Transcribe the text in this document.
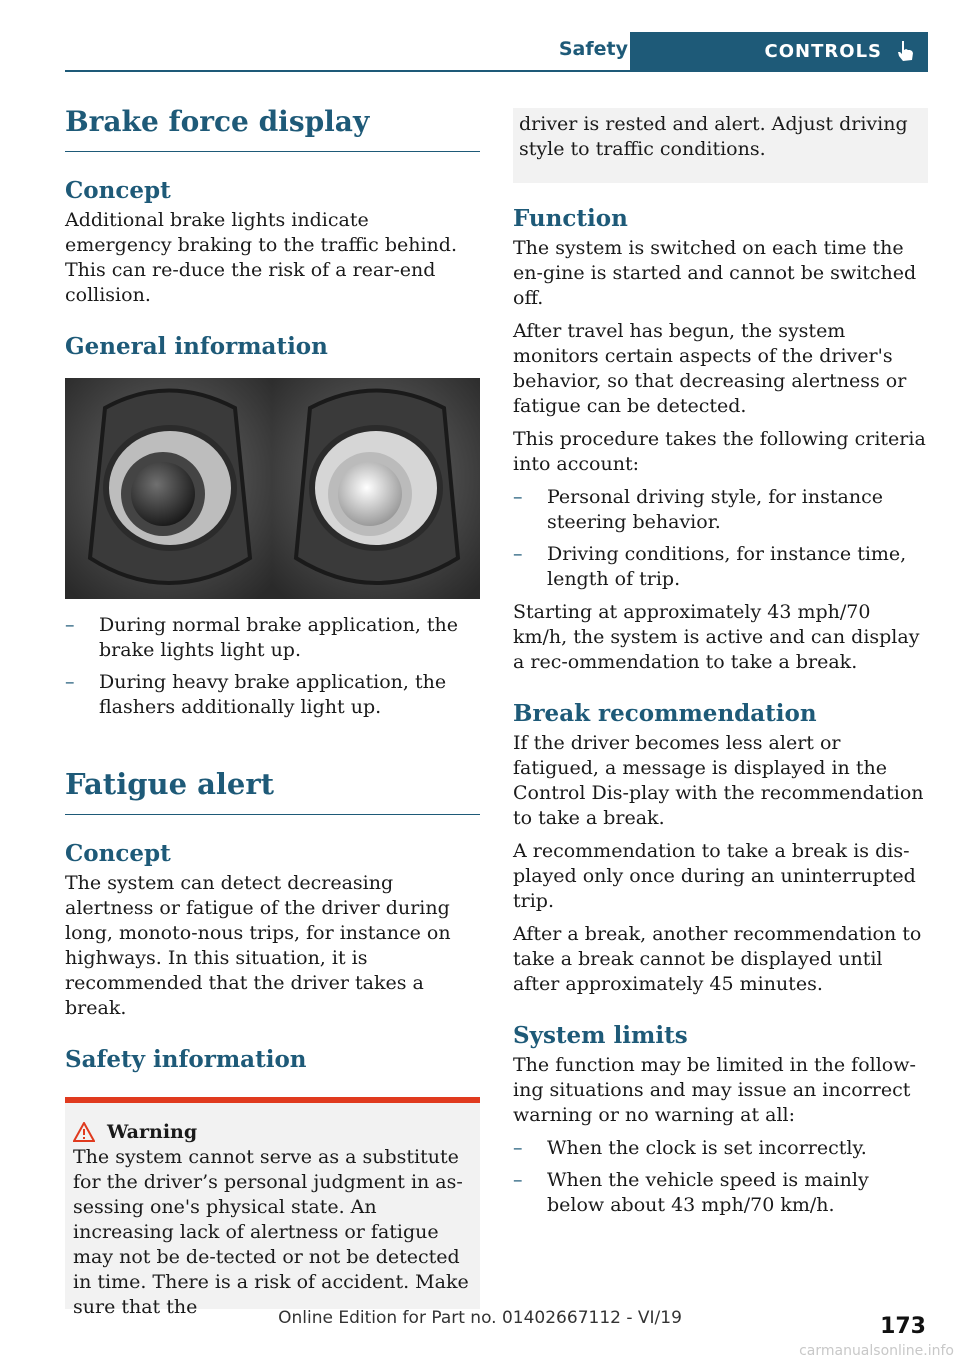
Safety	CONTROLS
Brake force display
Concept

Additional brake lights indicate emergency braking to the traffic behind. This can re-duce the risk of a rear-end collision.

General information
– During normal brake application, the brake lights light up.
– During heavy brake application, the flashers additionally light up.
Fatigue alert
Concept

The system can detect decreasing alertness or fatigue of the driver during long, monoto-nous trips, for instance on highways. In this situation, it is recommended that the driver takes a break.

Safety information
Warning

The system cannot serve as a substitute for the driver’s personal judgment in as-sessing one's physical state. An increasing lack of alertness or fatigue may not be de-tected or not be detected in time. There is a risk of accident. Make sure that the

driver is rested and alert. Adjust driving style to traffic conditions.

Function

The system is switched on each time the en-gine is started and cannot be switched off.

After travel has begun, the system monitors certain aspects of the driver's behavior, so that decreasing alertness or fatigue can be detected.

This procedure takes the following criteria into account:

– Personal driving style, for instance steering behavior.
– Driving conditions, for instance time, length of trip.

Starting at approximately 43 mph/70 km/h, the system is active and can display a rec-ommendation to take a break.

Break recommendation

If the driver becomes less alert or fatigued, a message is displayed in the Control Dis-play with the recommendation to take a break.

A recommendation to take a break is dis-played only once during an uninterrupted trip.

After a break, another recommendation to take a break cannot be displayed until after approximately 45 minutes.

System limits

The function may be limited in the follow-ing situations and may issue an incorrect warning or no warning at all:

– When the clock is set incorrectly.
– When the vehicle speed is mainly below about 43 mph/70 km/h.
Online Edition for Part no. 01402667112 - VI/19	173
carmanualsonline.info
